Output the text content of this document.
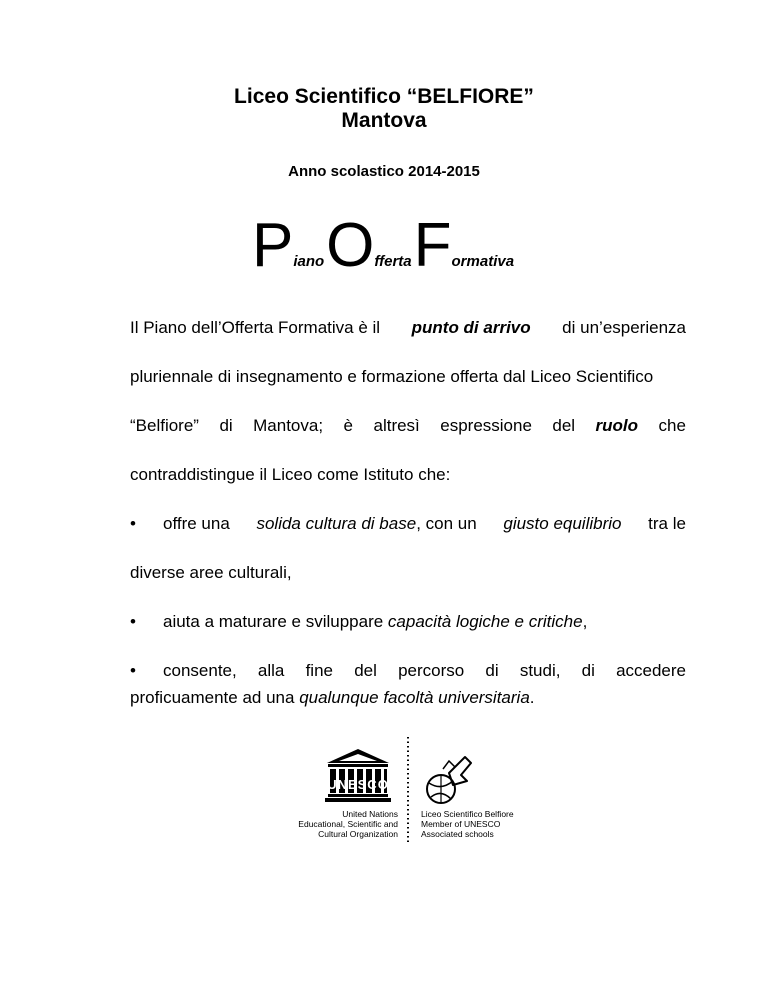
Liceo Scientifico “BELFIORE”
Mantova
Anno scolastico 2014-2015
PianoOffertaFormativa
Il Piano dell’Offerta Formativa è il punto di arrivo di un’esperienza
pluriennale di insegnamento e formazione offerta dal Liceo Scientifico
“Belfiore” di Mantova; è altresì espressione del ruolo che
contraddistingue il Liceo come Istituto che:
• offre una solida cultura di base, con un giusto equilibrio tra le
diverse aree culturali,
• aiuta a maturare e sviluppare capacità logiche e critiche,
• consente, alla fine del percorso di studi, di accedere
proficuamente ad una qualunque facoltà universitaria.
UNESCO
United Nations
Educational, Scientific and
Cultural Organization
Liceo Scientifico Belfiore
Member of UNESCO
Associated schools
